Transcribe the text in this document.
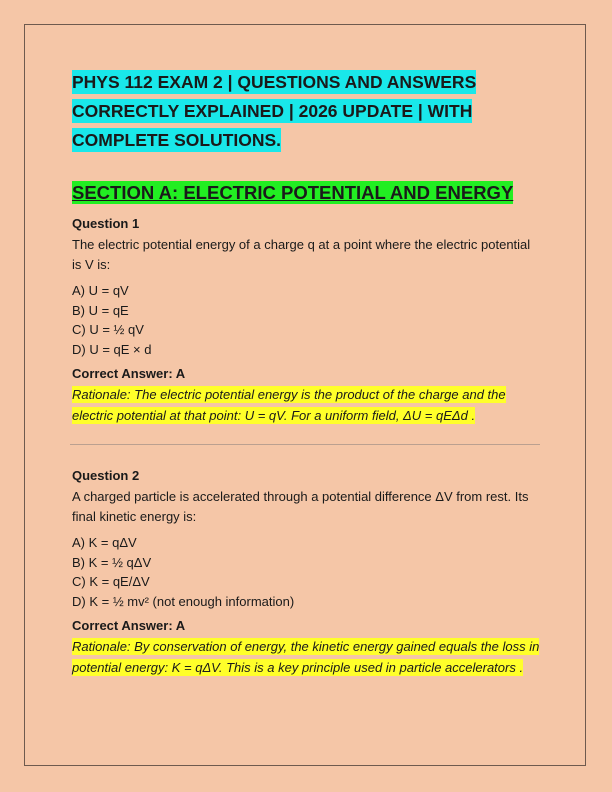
PHYS 112 EXAM 2 | QUESTIONS AND ANSWERS CORRECTLY EXPLAINED | 2026 UPDATE | WITH COMPLETE SOLUTIONS.
SECTION A: ELECTRIC POTENTIAL AND ENERGY
Question 1
The electric potential energy of a charge q at a point where the electric potential is V is:
A) U = qV
B) U = qE
C) U = ½ qV
D) U = qE × d
Correct Answer: A
Rationale: The electric potential energy is the product of the charge and the electric potential at that point: U = qV. For a uniform field, ΔU = qEΔd .
Question 2
A charged particle is accelerated through a potential difference ΔV from rest. Its final kinetic energy is:
A) K = qΔV
B) K = ½ qΔV
C) K = qE/ΔV
D) K = ½ mv² (not enough information)
Correct Answer: A
Rationale: By conservation of energy, the kinetic energy gained equals the loss in potential energy: K = qΔV. This is a key principle used in particle accelerators .
